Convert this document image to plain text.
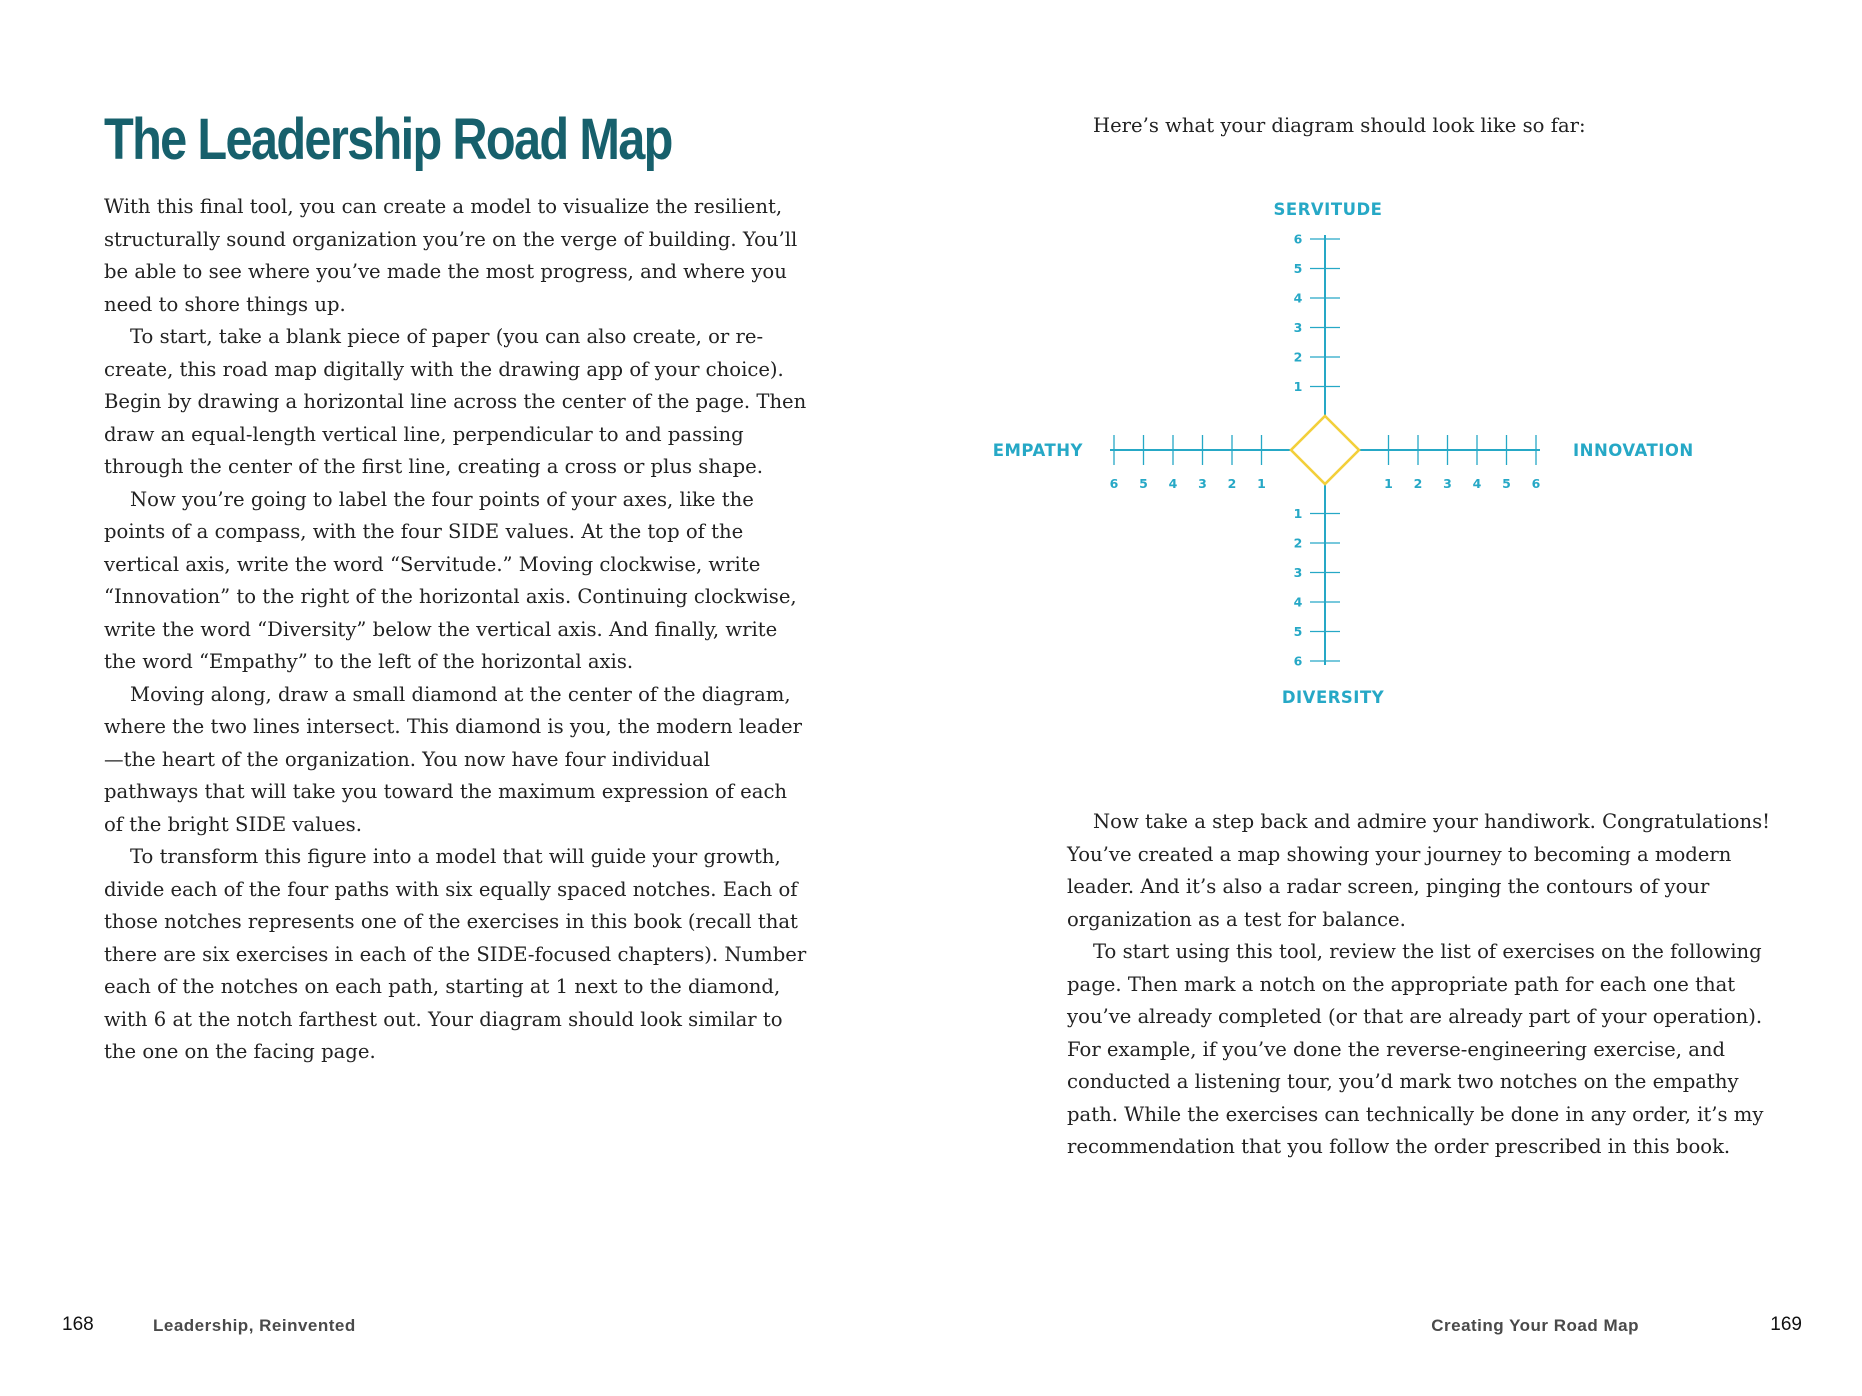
The Leadership Road Map

With this final tool, you can create a model to visualize the resilient, structurally sound organization you’re on the verge of building. You’ll be able to see where you’ve made the most progress, and where you need to shore things up.

To start, take a blank piece of paper (you can also create, or re-create, this road map digitally with the drawing app of your choice). Begin by drawing a horizontal line across the center of the page. Then draw an equal-length vertical line, perpendicular to and passing through the center of the first line, creating a cross or plus shape.

Now you’re going to label the four points of your axes, like the points of a compass, with the four SIDE values. At the top of the vertical axis, write the word “Servitude.” Moving clockwise, write “Innovation” to the right of the horizontal axis. Continuing clockwise, write the word “Diversity” below the vertical axis. And finally, write the word “Empathy” to the left of the horizontal axis.

Moving along, draw a small diamond at the center of the diagram, where the two lines intersect. This diamond is you, the modern leader—the heart of the organization. You now have four individual pathways that will take you toward the maximum expression of each of the bright SIDE values.

To transform this figure into a model that will guide your growth, divide each of the four paths with six equally spaced notches. Each of those notches represents one of the exercises in this book (recall that there are six exercises in each of the SIDE-focused chapters). Number each of the notches on each path, starting at 1 next to the diamond, with 6 at the notch farthest out. Your diagram should look similar to the one on the facing page.

168	Leadership, Reinvented

Here’s what your diagram should look like so far:

1
2
3
4
5
6
1 2 3 4 5 6
1
2
3
4
5
6
1
2
3
4
5
6
SERVITUDE
DIVERSITY
INNOVATION
EMPATHY

Now take a step back and admire your handiwork. Congratulations! You’ve created a map showing your journey to becoming a modern leader. And it’s also a radar screen, pinging the contours of your organization as a test for balance.

To start using this tool, review the list of exercises on the following page. Then mark a notch on the appropriate path for each one that you’ve already completed (or that are already part of your operation). For example, if you’ve done the reverse-engineering exercise, and conducted a listening tour, you’d mark two notches on the empathy path. While the exercises can technically be done in any order, it’s my recommendation that you follow the order prescribed in this book.

Creating Your Road Map	169
